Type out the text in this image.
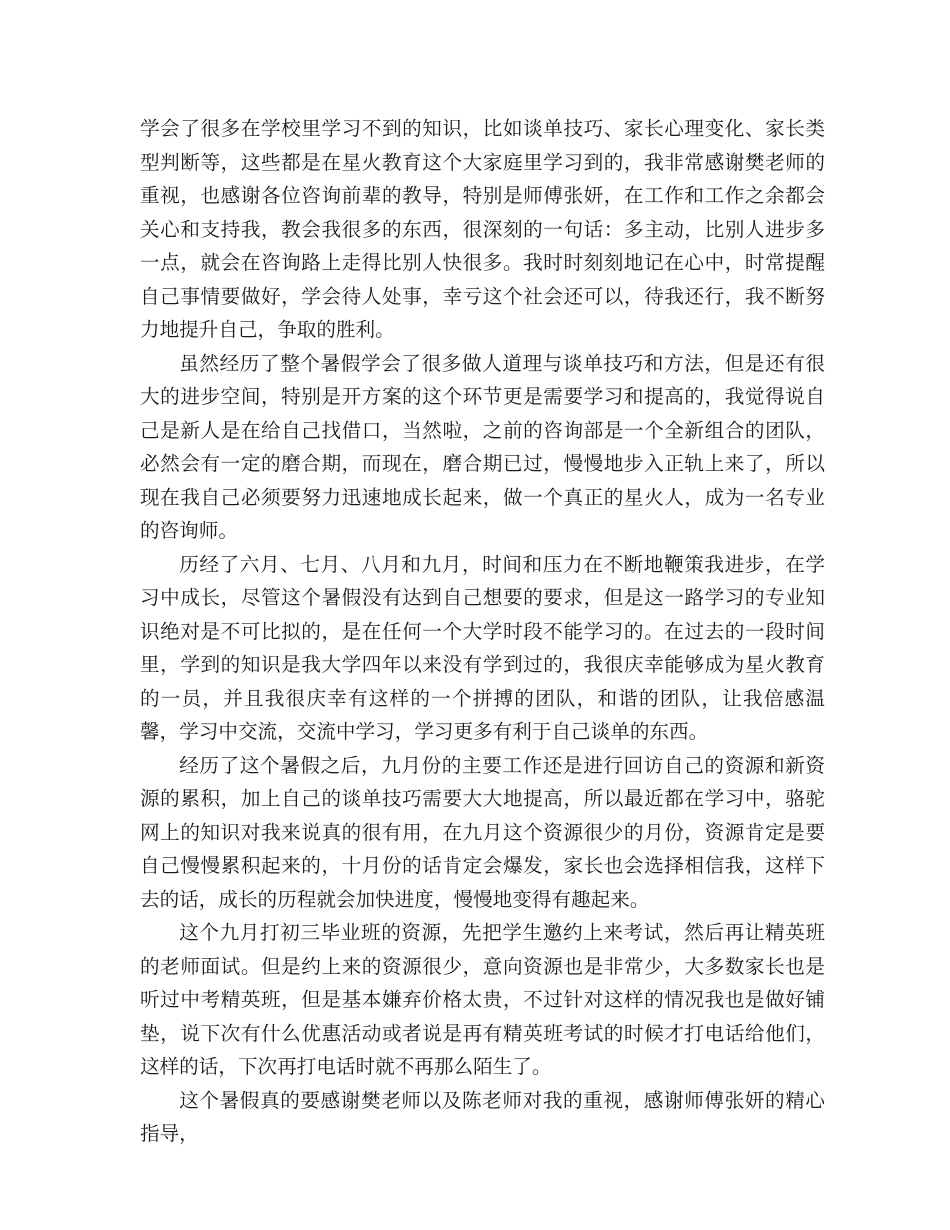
学会了很多在学校里学习不到的知识，比如谈单技巧、家长心理变化、家长类型判断等，这些都是在星火教育这个大家庭里学习到的，我非常感谢樊老师的重视，也感谢各位咨询前辈的教导，特别是师傅张妍，在工作和工作之余都会关心和支持我，教会我很多的东西，很深刻的一句话：多主动，比别人进步多一点，就会在咨询路上走得比别人快很多。我时时刻刻地记在心中，时常提醒自己事情要做好，学会待人处事，幸亏这个社会还可以，待我还行，我不断努力地提升自己，争取的胜利。

虽然经历了整个暑假学会了很多做人道理与谈单技巧和方法，但是还有很大的进步空间，特别是开方案的这个环节更是需要学习和提高的，我觉得说自己是新人是在给自己找借口，当然啦，之前的咨询部是一个全新组合的团队，必然会有一定的磨合期，而现在，磨合期已过，慢慢地步入正轨上来了，所以现在我自己必须要努力迅速地成长起来，做一个真正的星火人，成为一名专业的咨询师。

历经了六月、七月、八月和九月，时间和压力在不断地鞭策我进步，在学习中成长，尽管这个暑假没有达到自己想要的要求，但是这一路学习的专业知识绝对是不可比拟的，是在任何一个大学时段不能学习的。在过去的一段时间里，学到的知识是我大学四年以来没有学到过的，我很庆幸能够成为星火教育的一员，并且我很庆幸有这样的一个拼搏的团队，和谐的团队，让我倍感温馨，学习中交流，交流中学习，学习更多有利于自己谈单的东西。

经历了这个暑假之后，九月份的主要工作还是进行回访自己的资源和新资源的累积，加上自己的谈单技巧需要大大地提高，所以最近都在学习中，骆驼网上的知识对我来说真的很有用，在九月这个资源很少的月份，资源肯定是要自己慢慢累积起来的，十月份的话肯定会爆发，家长也会选择相信我，这样下去的话，成长的历程就会加快进度，慢慢地变得有趣起来。

这个九月打初三毕业班的资源，先把学生邀约上来考试，然后再让精英班的老师面试。但是约上来的资源很少，意向资源也是非常少，大多数家长也是听过中考精英班，但是基本嫌弃价格太贵，不过针对这样的情况我也是做好铺垫，说下次有什么优惠活动或者说是再有精英班考试的时候才打电话给他们，这样的话，下次再打电话时就不再那么陌生了。

这个暑假真的要感谢樊老师以及陈老师对我的重视，感谢师傅张妍的精心指导，
